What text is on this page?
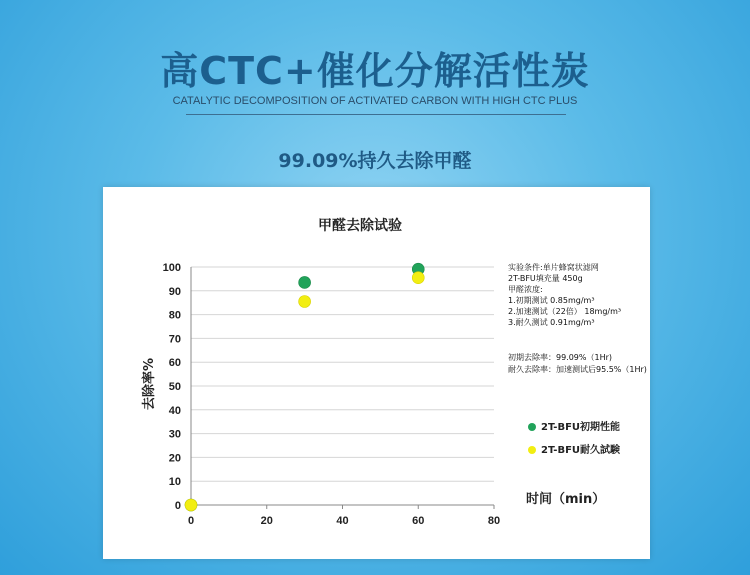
高CTC+催化分解活性炭
CATALYTIC DECOMPOSITION OF ACTIVATED CARBON WITH HIGH CTC PLUS
99.09%持久去除甲醛
甲醛去除试验
0
10
20
30
40
50
60
70
80
90
100
0	20	40	60	80
去除率%
时间（min）
实验条件:单片蜂窝状滤网
2T-BFU填充量 450g
甲醛浓度:
1.初期测试 0.85mg/m³
2.加速测试（22倍） 18mg/m³
3.耐久测试 0.91mg/m³
初期去除率：99.09%（1Hr)
耐久去除率：加速测试后95.5%（1Hr)
2T-BFU初期性能
2T-BFU耐久試験
